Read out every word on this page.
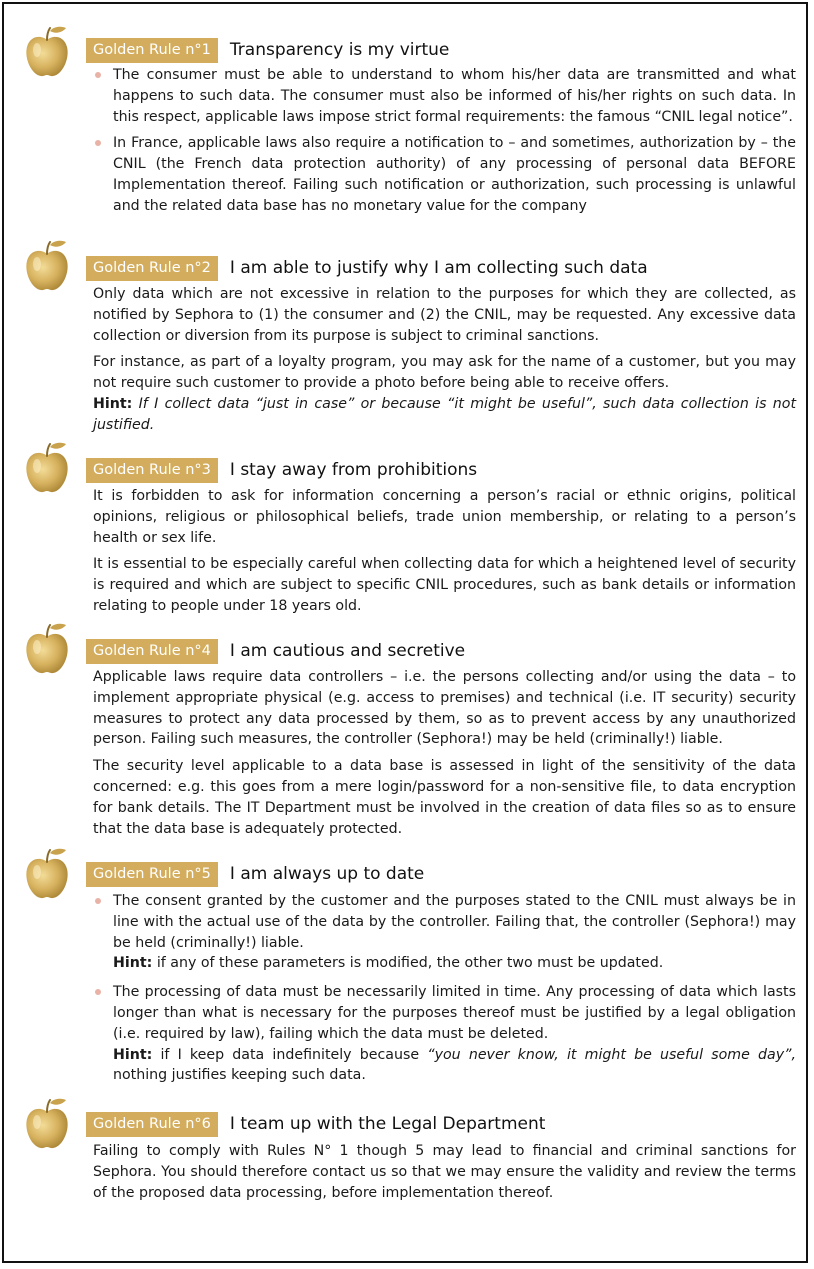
Golden Rule n°1	Transparency is my virtue
The consumer must be able to understand to whom his/her data are transmitted and what happens to such data. The consumer must also be informed of his/her rights on such data. In this respect, applicable laws impose strict formal requirements: the famous “CNIL legal notice”.
In France, applicable laws also require a notification to – and sometimes, authorization by – the CNIL (the French data protection authority) of any processing of personal data BEFORE Implementation thereof. Failing such notification or authorization, such processing is unlawful and the related data base has no monetary value for the company
Golden Rule n°2	I am able to justify why I am collecting such data

Only data which are not excessive in relation to the purposes for which they are collected, as notified by Sephora to (1) the consumer and (2) the CNIL, may be requested. Any excessive data collection or diversion from its purpose is subject to criminal sanctions.

For instance, as part of a loyalty program, you may ask for the name of a customer, but you may not require such customer to provide a photo before being able to receive offers.

Hint: If I collect data “just in case” or because “it might be useful”, such data collection is not justified.

Golden Rule n°3	I stay away from prohibitions

It is forbidden to ask for information concerning a person’s racial or ethnic origins, political opinions, religious or philosophical beliefs, trade union membership, or relating to a person’s health or sex life.

It is essential to be especially careful when collecting data for which a heightened level of security is required and which are subject to specific CNIL procedures, such as bank details or information relating to people under 18 years old.

Golden Rule n°4	I am cautious and secretive

Applicable laws require data controllers – i.e. the persons collecting and/or using the data – to implement appropriate physical (e.g. access to premises) and technical (i.e. IT security) security measures to protect any data processed by them, so as to prevent access by any unauthorized person. Failing such measures, the controller (Sephora!) may be held (criminally!) liable.

The security level applicable to a data base is assessed in light of the sensitivity of the data concerned: e.g. this goes from a mere login/password for a non-sensitive file, to data encryption for bank details. The IT Department must be involved in the creation of data files so as to ensure that the data base is adequately protected.

Golden Rule n°5	I am always up to date
The consent granted by the customer and the purposes stated to the CNIL must always be in line with the actual use of the data by the controller. Failing that, the controller (Sephora!) may be held (criminally!) liable.
Hint: if any of these parameters is modified, the other two must be updated.
The processing of data must be necessarily limited in time. Any processing of data which lasts longer than what is necessary for the purposes thereof must be justified by a legal obligation (i.e. required by law), failing which the data must be deleted.
Hint: if I keep data indefinitely because “you never know, it might be useful some day”, nothing justifies keeping such data.
Golden Rule n°6	I team up with the Legal Department

Failing to comply with Rules N° 1 though 5 may lead to financial and criminal sanctions for Sephora. You should therefore contact us so that we may ensure the validity and review the terms of the proposed data processing, before implementation thereof.
